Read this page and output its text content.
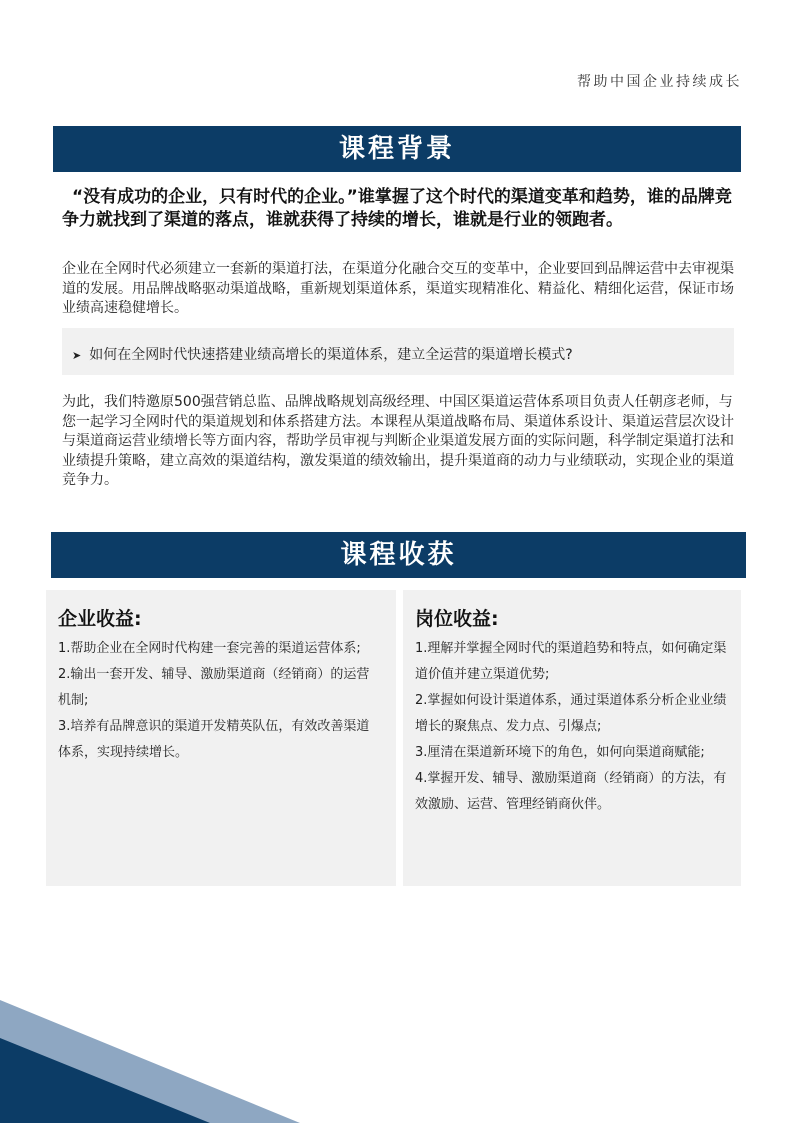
帮助中国企业持续成长
课程背景
“没有成功的企业，只有时代的企业。”谁掌握了这个时代的渠道变革和趋势，谁的品牌竞争力就找到了渠道的落点，谁就获得了持续的增长，谁就是行业的领跑者。
企业在全网时代必须建立一套新的渠道打法，在渠道分化融合交互的变革中，企业要回到品牌运营中去审视渠道的发展。用品牌战略驱动渠道战略，重新规划渠道体系，渠道实现精准化、精益化、精细化运营，保证市场业绩高速稳健增长。
➤ 如何在全网时代快速搭建业绩高增长的渠道体系，建立全运营的渠道增长模式?
为此，我们特邀原500强营销总监、品牌战略规划高级经理、中国区渠道运营体系项目负责人任朝彦老师，与您一起学习全网时代的渠道规划和体系搭建方法。本课程从渠道战略布局、渠道体系设计、渠道运营层次设计与渠道商运营业绩增长等方面内容，帮助学员审视与判断企业渠道发展方面的实际问题，科学制定渠道打法和业绩提升策略，建立高效的渠道结构，激发渠道的绩效输出，提升渠道商的动力与业绩联动，实现企业的渠道竞争力。
课程收获
企业收益:
1.帮助企业在全网时代构建一套完善的渠道运营体系;
2.输出一套开发、辅导、激励渠道商（经销商）的运营机制;
3.培养有品牌意识的渠道开发精英队伍，有效改善渠道体系，实现持续增长。
岗位收益:
1.理解并掌握全网时代的渠道趋势和特点，如何确定渠道价值并建立渠道优势;
2.掌握如何设计渠道体系，通过渠道体系分析企业业绩增长的聚焦点、发力点、引爆点;
3.厘清在渠道新环境下的角色，如何向渠道商赋能;
4.掌握开发、辅导、激励渠道商（经销商）的方法，有效激励、运营、管理经销商伙伴。
